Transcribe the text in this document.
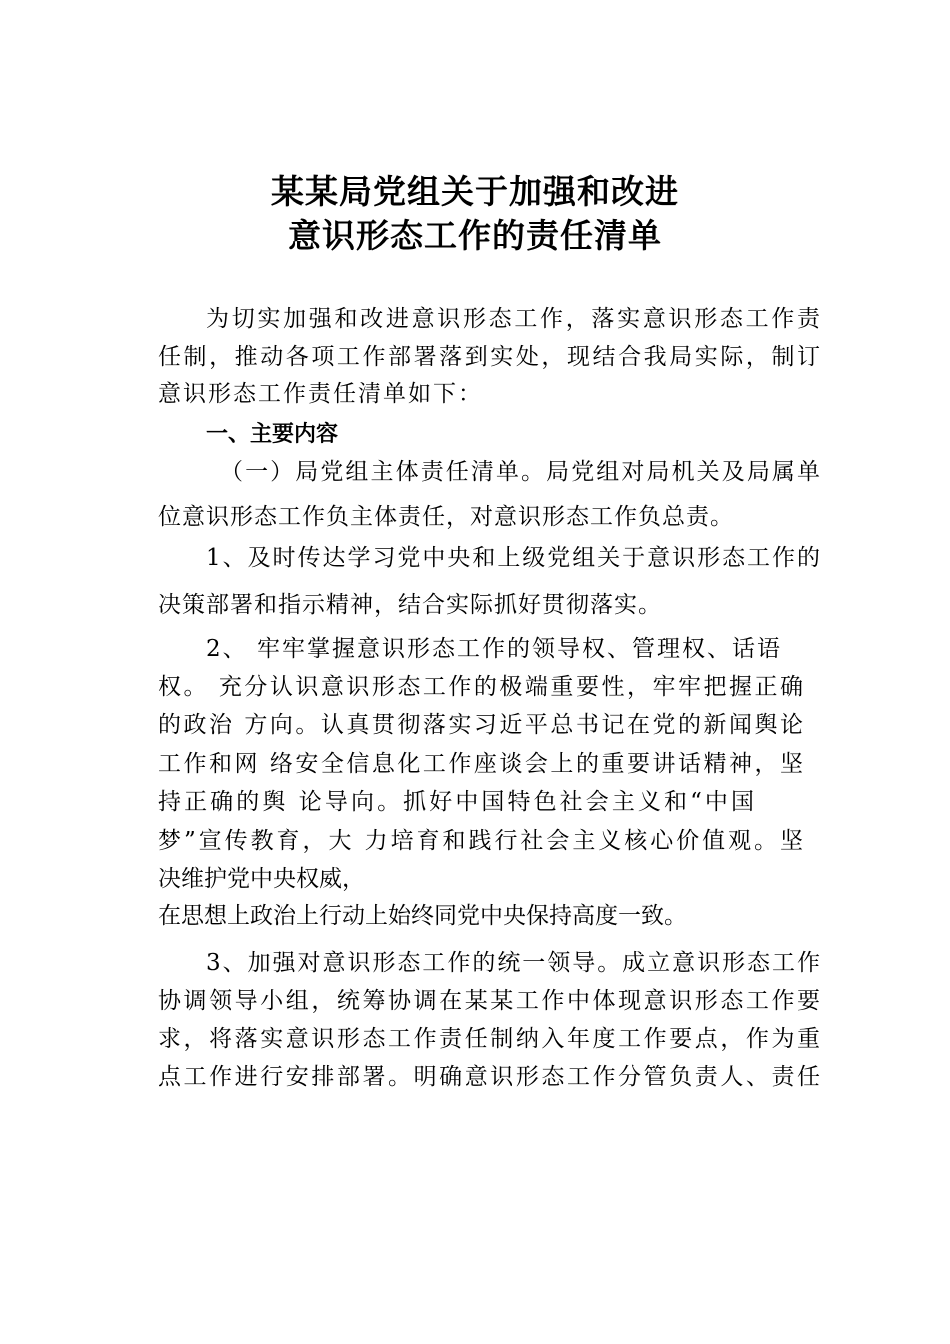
某某局党组关于加强和改进
意识形态工作的责任清单
为切实加强和改进意识形态工作，落实意识形态工作责
任制，推动各项工作部署落到实处，现结合我局实际，制订
意识形态工作责任清单如下：
一、主要内容
（一）局党组主体责任清单。局党组对局机关及局属单
位意识形态工作负主体责任，对意识形态工作负总责。
1、及时传达学习党中央和上级党组关于意识形态工作的
决策部署和指示精神，结合实际抓好贯彻落实。
2、 牢牢掌握意识形态工作的领导权、管理权、话语
权。 充分认识意识形态工作的极端重要性，牢牢把握正确
的政治 方向。认真贯彻落实习近平总书记在党的新闻舆论
工作和网 络安全信息化工作座谈会上的重要讲话精神，坚
持正确的舆 论导向。抓好中国特色社会主义和“中国
梦”宣传教育，大 力培育和践行社会主义核心价值观。坚
决维护党中央权威，
在思想上政治上行动上始终同党中央保持高度一致。
3、加强对意识形态工作的统一领导。成立意识形态工作
协调领导小组，统筹协调在某某工作中体现意识形态工作要
求，将落实意识形态工作责任制纳入年度工作要点，作为重
点工作进行安排部署。明确意识形态工作分管负责人、责任
